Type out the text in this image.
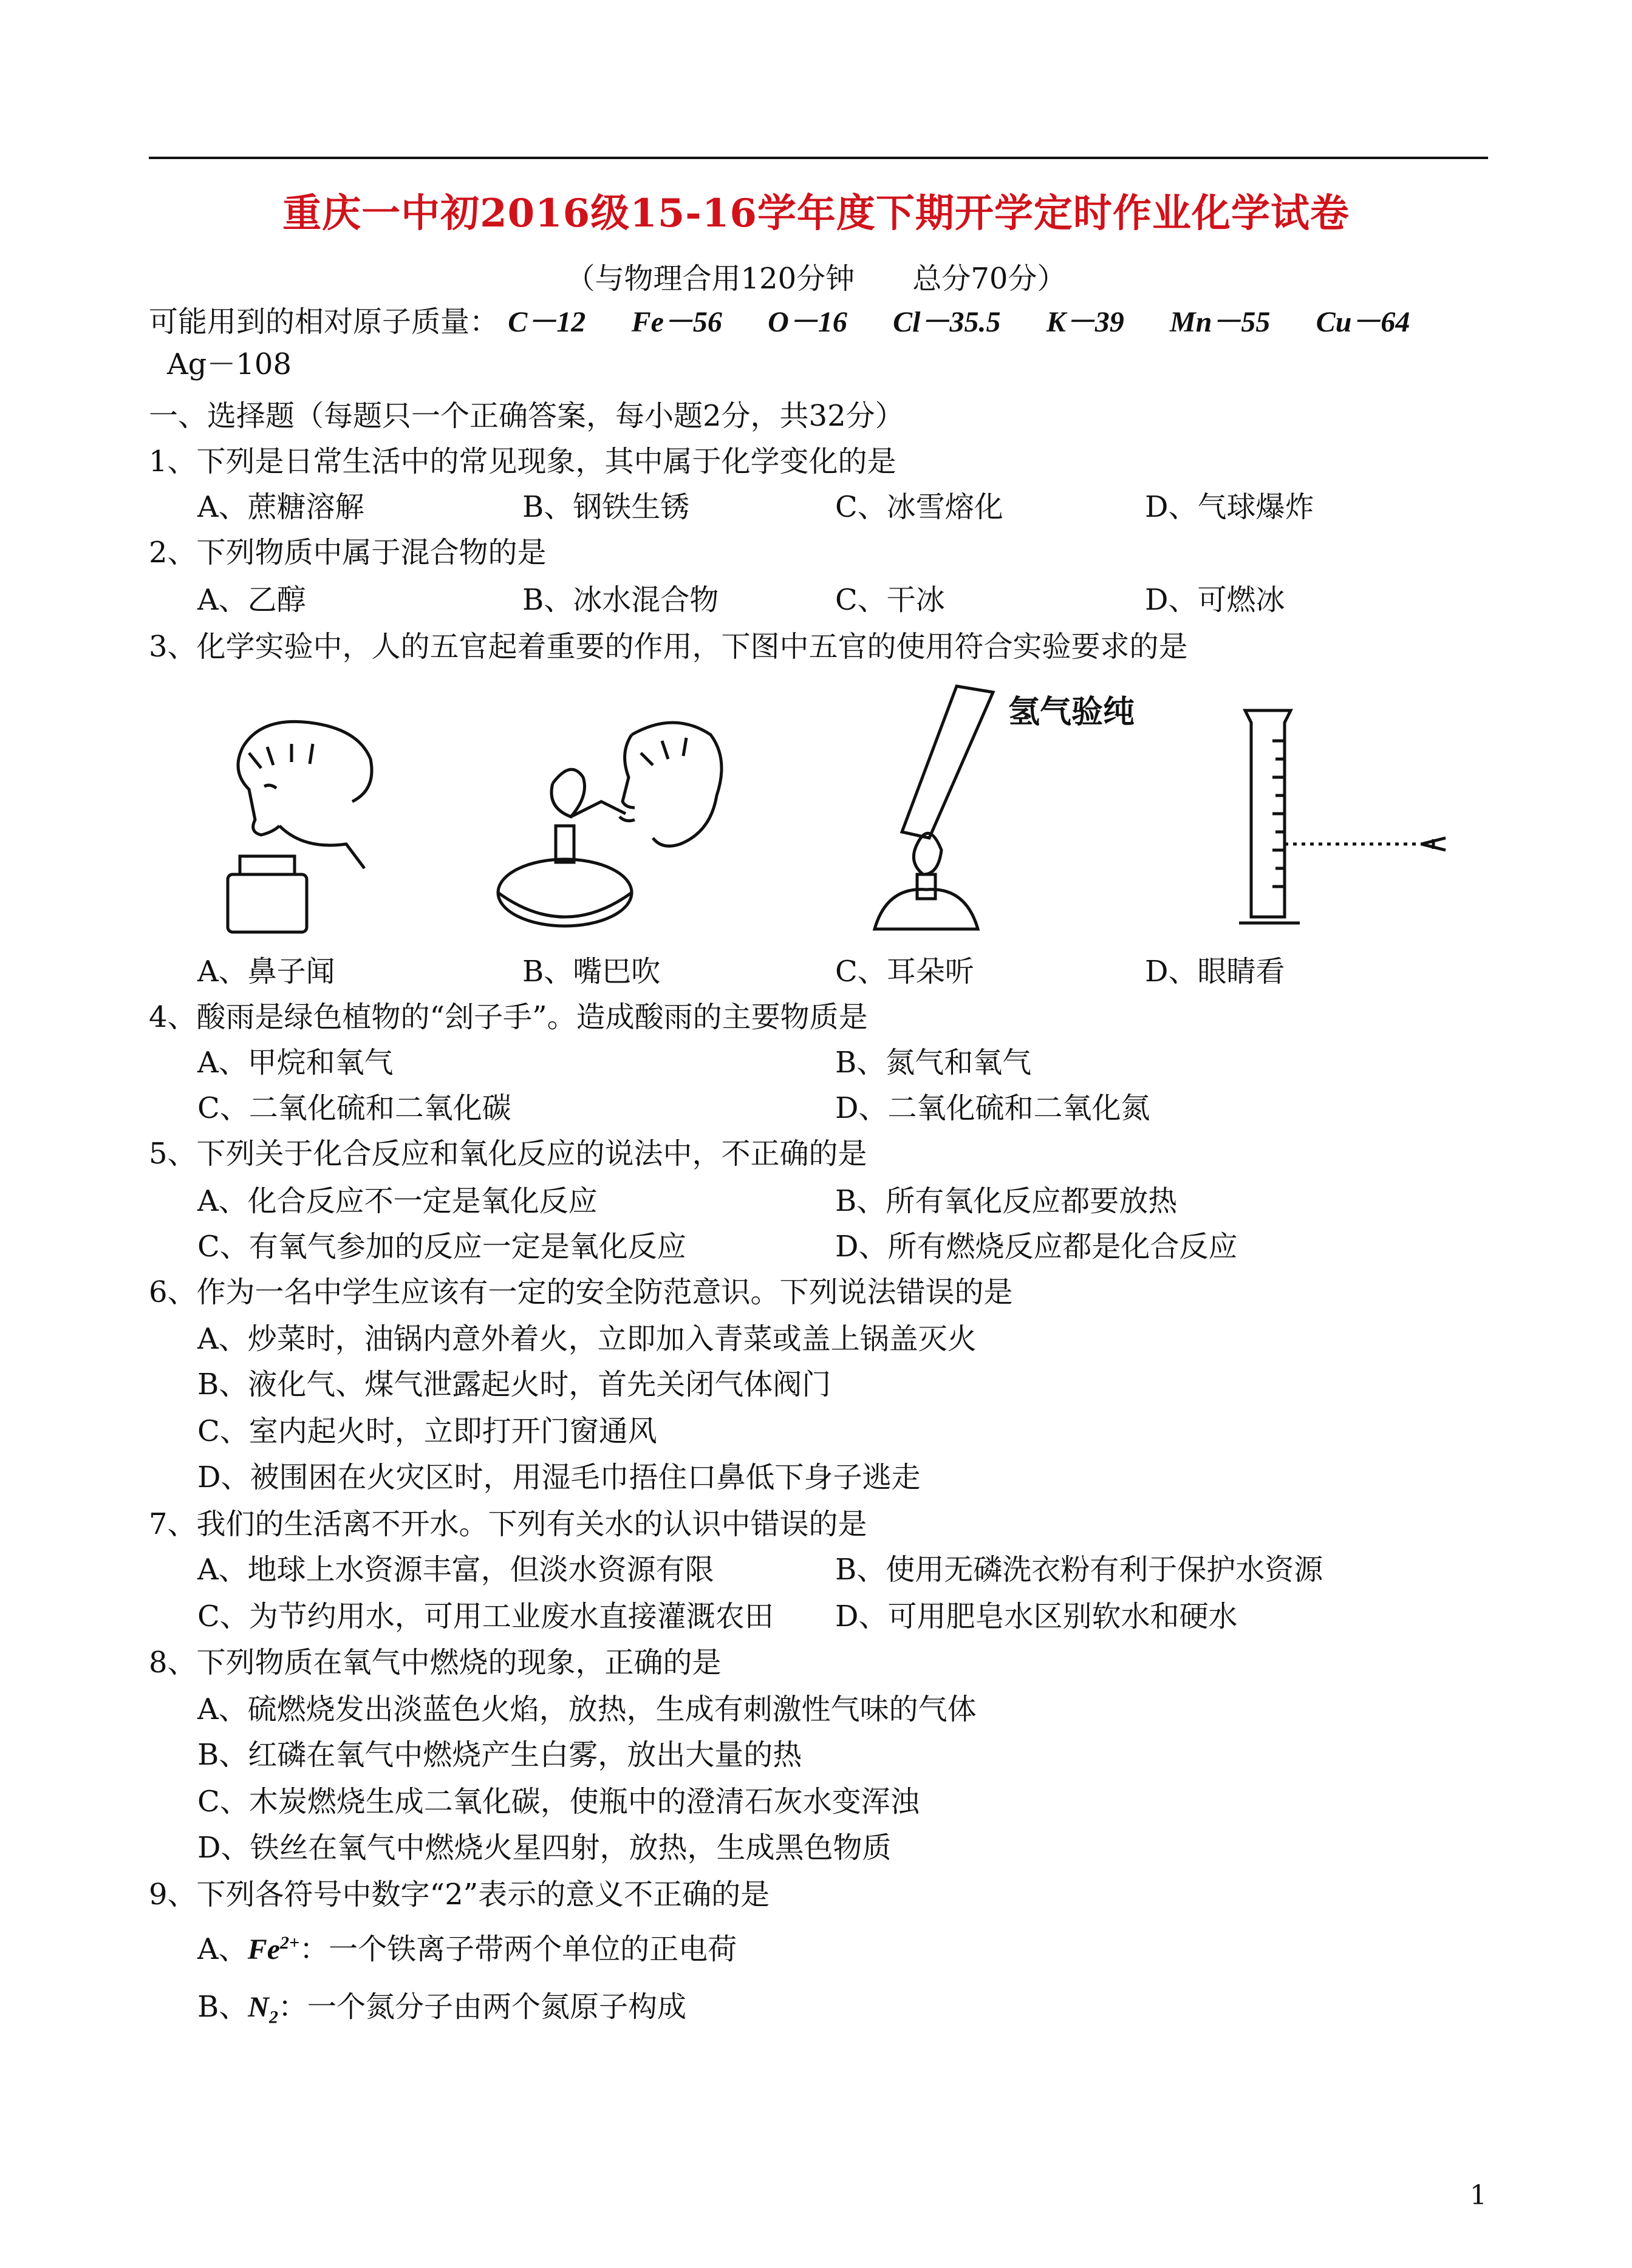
重庆一中初2016级15-16学年度下期开学定时作业化学试卷
（与物理合用120分钟 总分70分）
可能用到的相对原子质量： C－12 Fe－56 O－16 Cl－35.5 K－39 Mn－55 Cu－64
Ag－108
一、选择题（每题只一个正确答案，每小题2分，共32分）
1、下列是日常生活中的常见现象，其中属于化学变化的是
A、蔗糖溶解	B、钢铁生锈	C、冰雪熔化	D、气球爆炸
2、下列物质中属于混合物的是
A、乙醇	B、冰水混合物	C、干冰	D、可燃冰
3、化学实验中，人的五官起着重要的作用，下图中五官的使用符合实验要求的是
氢气验纯
A、鼻子闻	B、嘴巴吹	C、耳朵听	D、眼睛看
4、酸雨是绿色植物的“刽子手”。造成酸雨的主要物质是
A、甲烷和氧气	B、氮气和氧气
C、二氧化硫和二氧化碳	D、二氧化硫和二氧化氮
5、下列关于化合反应和氧化反应的说法中，不正确的是
A、化合反应不一定是氧化反应	B、所有氧化反应都要放热
C、有氧气参加的反应一定是氧化反应	D、所有燃烧反应都是化合反应
6、作为一名中学生应该有一定的安全防范意识。下列说法错误的是
A、炒菜时，油锅内意外着火，立即加入青菜或盖上锅盖灭火
B、液化气、煤气泄露起火时，首先关闭气体阀门
C、室内起火时，立即打开门窗通风
D、被围困在火灾区时，用湿毛巾捂住口鼻低下身子逃走
7、我们的生活离不开水。下列有关水的认识中错误的是
A、地球上水资源丰富，但淡水资源有限	B、使用无磷洗衣粉有利于保护水资源
C、为节约用水，可用工业废水直接灌溉农田 D、可用肥皂水区别软水和硬水
8、下列物质在氧气中燃烧的现象，正确的是
A、硫燃烧发出淡蓝色火焰，放热，生成有刺激性气味的气体
B、红磷在氧气中燃烧产生白雾，放出大量的热
C、木炭燃烧生成二氧化碳，使瓶中的澄清石灰水变浑浊
D、铁丝在氧气中燃烧火星四射，放热，生成黑色物质
9、下列各符号中数字“2”表示的意义不正确的是
A、$Fe^{2+}$：一个铁离子带两个单位的正电荷
B、$N_2$：一个氮分子由两个氮原子构成
1
